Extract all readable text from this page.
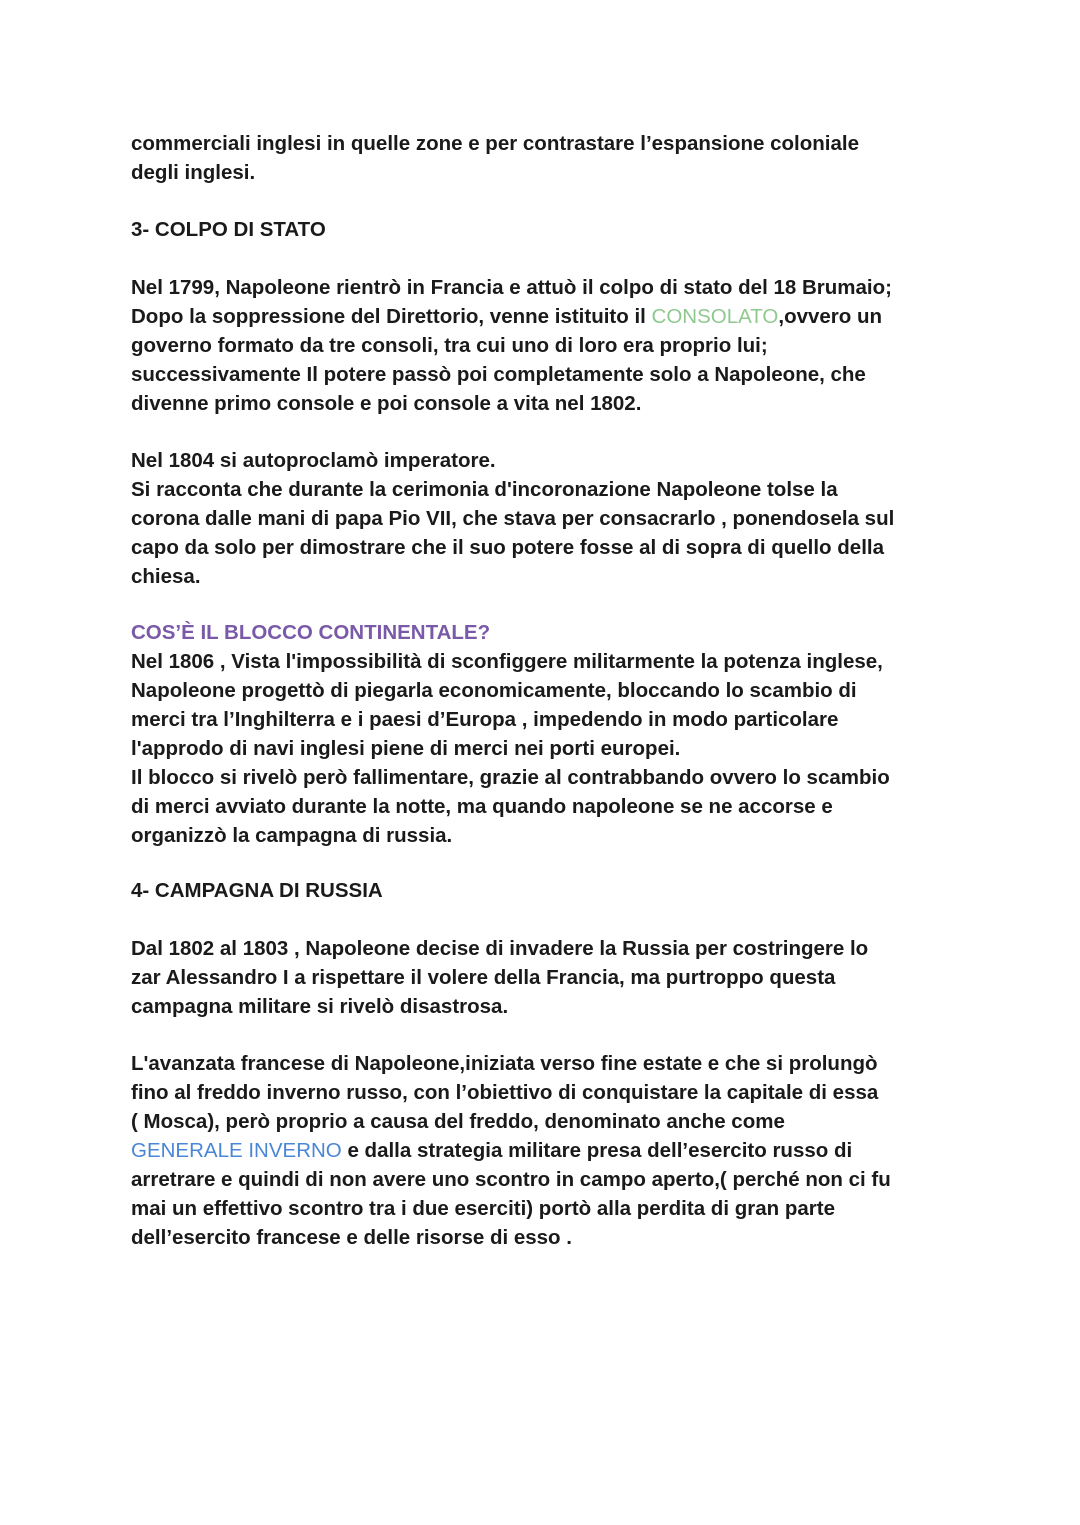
commerciali inglesi in quelle zone e per contrastare l’espansione coloniale
degli inglesi.

3- COLPO DI STATO

Nel 1799, Napoleone rientrò in Francia e attuò il colpo di stato del 18 Brumaio;
Dopo la soppressione del Direttorio, venne istituito il CONSOLATO,ovvero un
governo formato da tre consoli, tra cui uno di loro era proprio lui;
successivamente Il potere passò poi completamente solo a Napoleone, che
divenne primo console e poi console a vita nel 1802.

Nel 1804 si autoproclamò imperatore.
Si racconta che durante la cerimonia d'incoronazione Napoleone tolse la
corona dalle mani di papa Pio VII, che stava per consacrarlo , ponendosela sul
capo da solo per dimostrare che il suo potere fosse al di sopra di quello della
chiesa.

COS’È IL BLOCCO CONTINENTALE?
Nel 1806 , Vista l'impossibilità di sconfiggere militarmente la potenza inglese,
Napoleone progettò di piegarla economicamente, bloccando lo scambio di
merci tra l’Inghilterra e i paesi d’Europa , impedendo in modo particolare
l'approdo di navi inglesi piene di merci nei porti europei.
Il blocco si rivelò però fallimentare, grazie al contrabbando ovvero lo scambio
di merci avviato durante la notte, ma quando napoleone se ne accorse e
organizzò la campagna di russia.

4- CAMPAGNA DI RUSSIA

Dal 1802 al 1803 , Napoleone decise di invadere la Russia per costringere lo
zar Alessandro I a rispettare il volere della Francia, ma purtroppo questa
campagna militare si rivelò disastrosa.

L'avanzata francese di Napoleone,iniziata verso fine estate e che si prolungò
fino al freddo inverno russo, con l’obiettivo di conquistare la capitale di essa
( Mosca), però proprio a causa del freddo, denominato anche come
GENERALE INVERNO e dalla strategia militare presa dell’esercito russo di
arretrare e quindi di non avere uno scontro in campo aperto,( perché non ci fu
mai un effettivo scontro tra i due eserciti) portò alla perdita di gran parte
dell’esercito francese e delle risorse di esso .
